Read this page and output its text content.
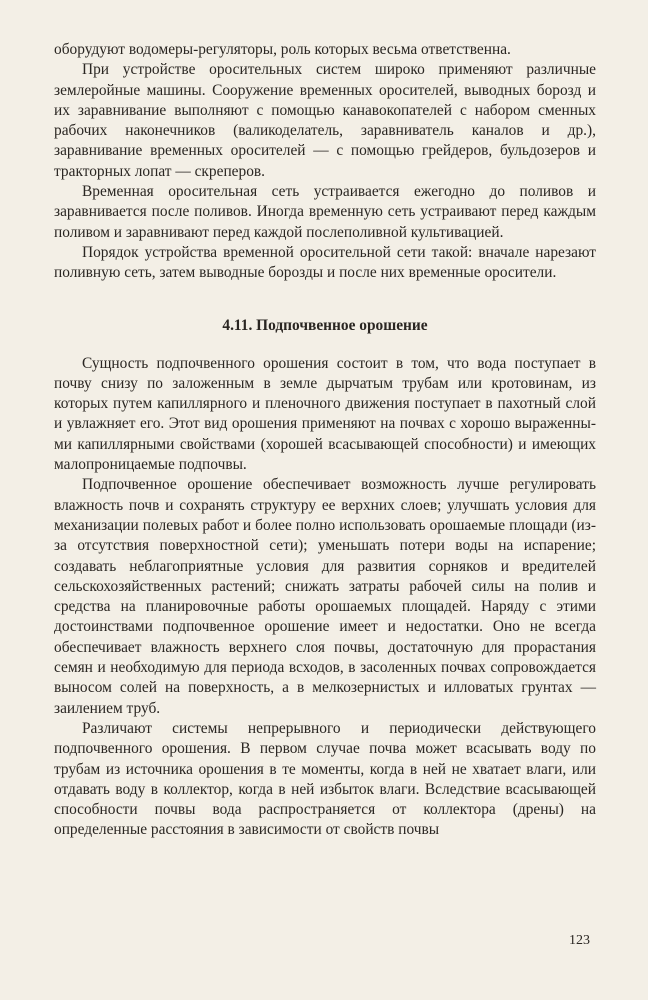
оборудуют водомеры-регуляторы, роль которых весьма ответственна.

При устройстве оросительных систем широко применяют различные землеройные машины. Сооружение временных оросителей, выводных борозд и их заравнивание выполняют с помощью канавокопателей с набором сменных рабочих наконечников (валикоделатель, заравниватель каналов и др.), заравнивание временных оросителей — с помощью грейдеров, бульдозеров и тракторных лопат — скреперов.

Временная оросительная сеть устраивается ежегодно до поливов и заравнивается после поливов. Иногда временную сеть устраивают перед каждым поливом и заравнивают перед каждой послеполивной культивацией.

Порядок устройства временной оросительной сети такой: вначале нарезают поливную сеть, затем выводные борозды и после них временные оросители.

4.11. Подпочвенное орошение

Сущность подпочвенного орошения состоит в том, что вода поступает в почву снизу по заложенным в земле дырчатым трубам или кротовинам, из которых путем капиллярного и пленочного движения поступает в пахотный слой и увлажняет его. Этот вид орошения применяют на почвах с хорошо выраженными капиллярными свойствами (хорошей всасывающей способности) и имеющих малопроницаемые подпочвы.

Подпочвенное орошение обеспечивает возможность лучше регулировать влажность почв и сохранять структуру ее верхних слоев; улучшать условия для механизации полевых работ и более полно использовать орошаемые площади (из-за отсутствия поверхностной сети); уменьшать потери воды на испарение; создавать неблагоприятные условия для развития сорняков и вредителей сельскохозяйственных растений; снижать затраты рабочей силы на полив и средства на планировочные работы орошаемых площадей. Наряду с этими достоинствами подпочвенное орошение имеет и недостатки. Оно не всегда обеспечивает влажность верхнего слоя почвы, достаточную для прорастания семян и необходимую для периода всходов, в засоленных почвах сопровождается выносом солей на поверхность, а в мелкозернистых и илловатых грунтах — заилением труб.

Различают системы непрерывного и периодически действующего подпочвенного орошения. В первом случае почва может всасывать воду по трубам из источника орошения в те моменты, когда в ней не хватает влаги, или отдавать воду в коллектор, когда в ней избыток влаги. Вследствие всасывающей способности почвы вода распространяется от коллектора (дрены) на определенные расстояния в зависимости от свойств почвы

123
